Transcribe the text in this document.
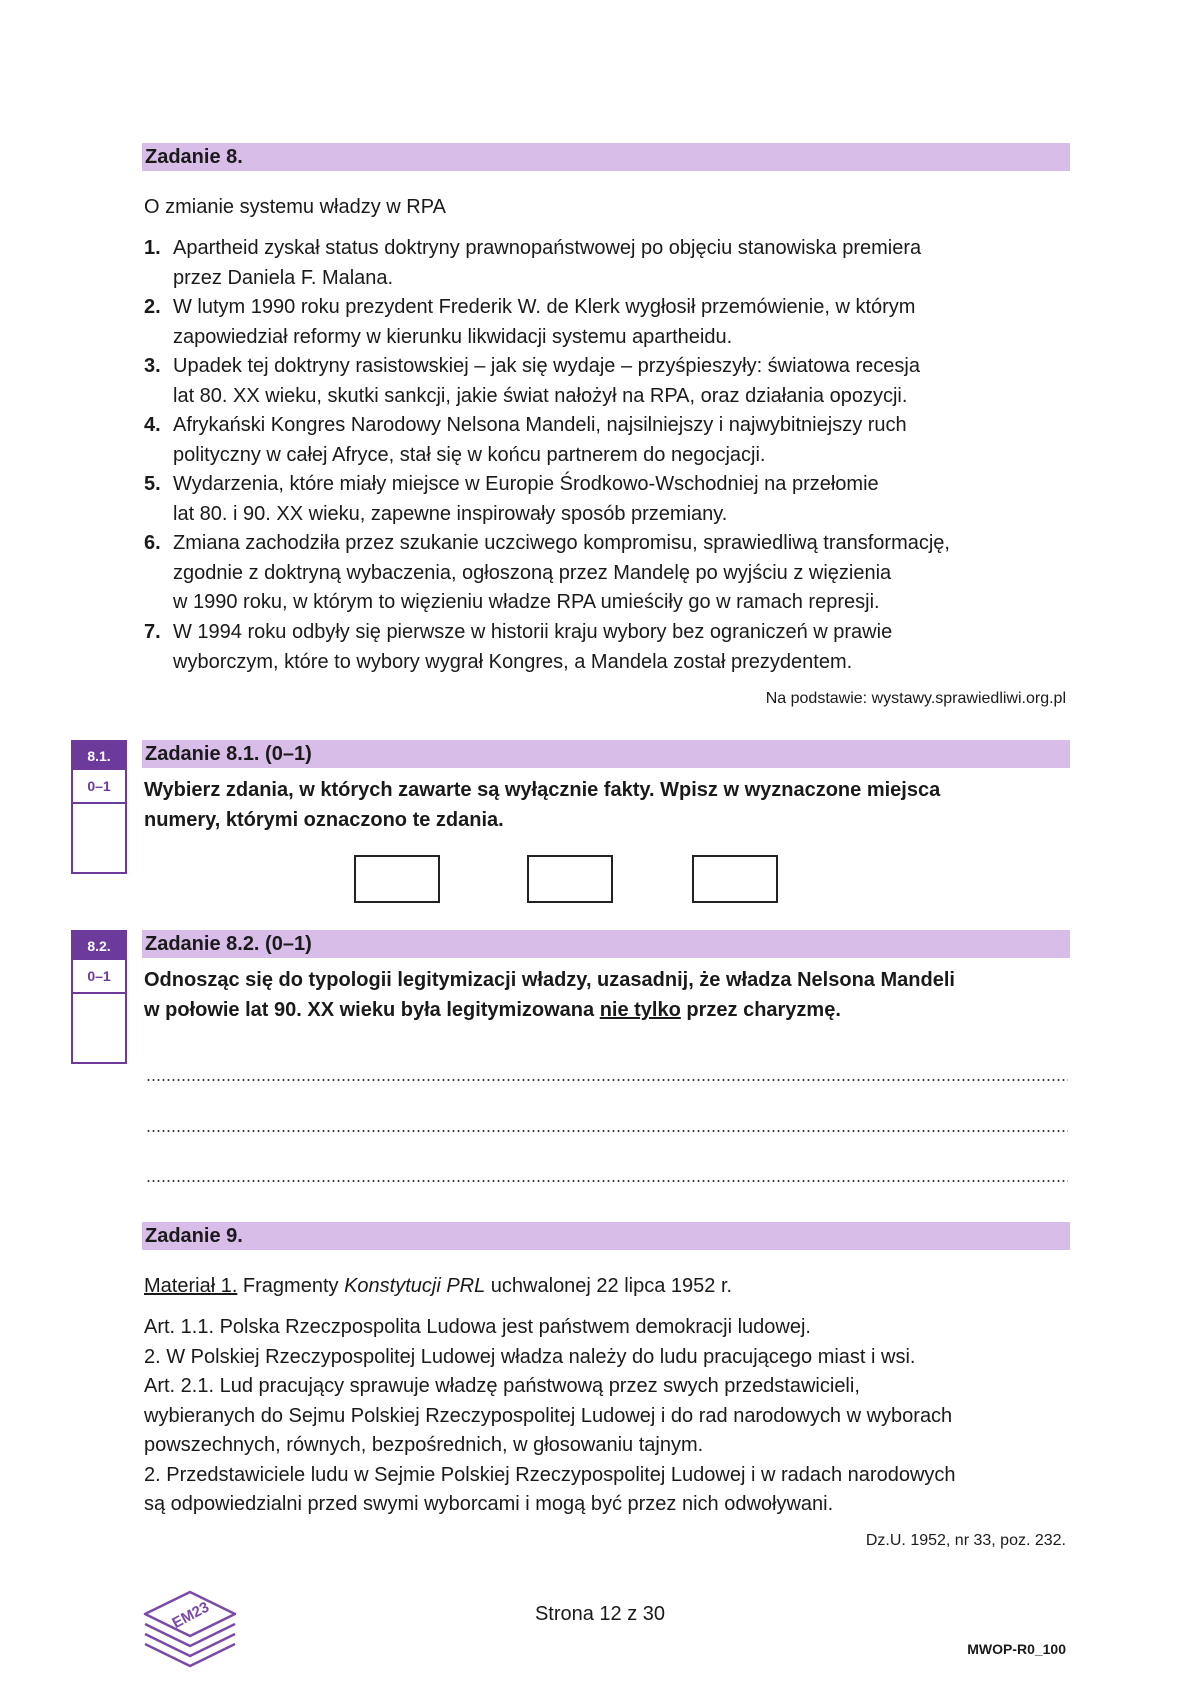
Zadanie 8.
O zmianie systemu władzy w RPA
1. Apartheid zyskał status doktryny prawnopaństwowej po objęciu stanowiska premiera
przez Daniela F. Malana.
2. W lutym 1990 roku prezydent Frederik W. de Klerk wygłosił przemówienie, w którym
zapowiedział reformy w kierunku likwidacji systemu apartheidu.
3. Upadek tej doktryny rasistowskiej – jak się wydaje – przyśpieszyły: światowa recesja
lat 80. XX wieku, skutki sankcji, jakie świat nałożył na RPA, oraz działania opozycji.
4. Afrykański Kongres Narodowy Nelsona Mandeli, najsilniejszy i najwybitniejszy ruch
polityczny w całej Afryce, stał się w końcu partnerem do negocjacji.
5. Wydarzenia, które miały miejsce w Europie Środkowo-Wschodniej na przełomie
lat 80. i 90. XX wieku, zapewne inspirowały sposób przemiany.
6. Zmiana zachodziła przez szukanie uczciwego kompromisu, sprawiedliwą transformację,
zgodnie z doktryną wybaczenia, ogłoszoną przez Mandelę po wyjściu z więzienia
w 1990 roku, w którym to więzieniu władze RPA umieściły go w ramach represji.
7. W 1994 roku odbyły się pierwsze w historii kraju wybory bez ograniczeń w prawie
wyborczym, które to wybory wygrał Kongres, a Mandela został prezydentem.
Na podstawie: wystawy.sprawiedliwi.org.pl
8.1.
0–1
Zadanie 8.1. (0–1)
Wybierz zdania, w których zawarte są wyłącznie fakty. Wpisz w wyznaczone miejsca
numery, którymi oznaczono te zdania.
8.2.
0–1
Zadanie 8.2. (0–1)
Odnosząc się do typologii legitymizacji władzy, uzasadnij, że władza Nelsona Mandeli
w połowie lat 90. XX wieku była legitymizowana nie tylko przez charyzmę.
Zadanie 9.
Materiał 1. Fragmenty Konstytucji PRL uchwalonej 22 lipca 1952 r.
Art. 1.1. Polska Rzeczpospolita Ludowa jest państwem demokracji ludowej.
2. W Polskiej Rzeczypospolitej Ludowej władza należy do ludu pracującego miast i wsi.
Art. 2.1. Lud pracujący sprawuje władzę państwową przez swych przedstawicieli,
wybieranych do Sejmu Polskiej Rzeczypospolitej Ludowej i do rad narodowych w wyborach
powszechnych, równych, bezpośrednich, w głosowaniu tajnym.
2. Przedstawiciele ludu w Sejmie Polskiej Rzeczypospolitej Ludowej i w radach narodowych
są odpowiedzialni przed swymi wyborcami i mogą być przez nich odwoływani.
Dz.U. 1952, nr 33, poz. 232.
EM23	Strona 12 z 30
MWOP-R0_100
